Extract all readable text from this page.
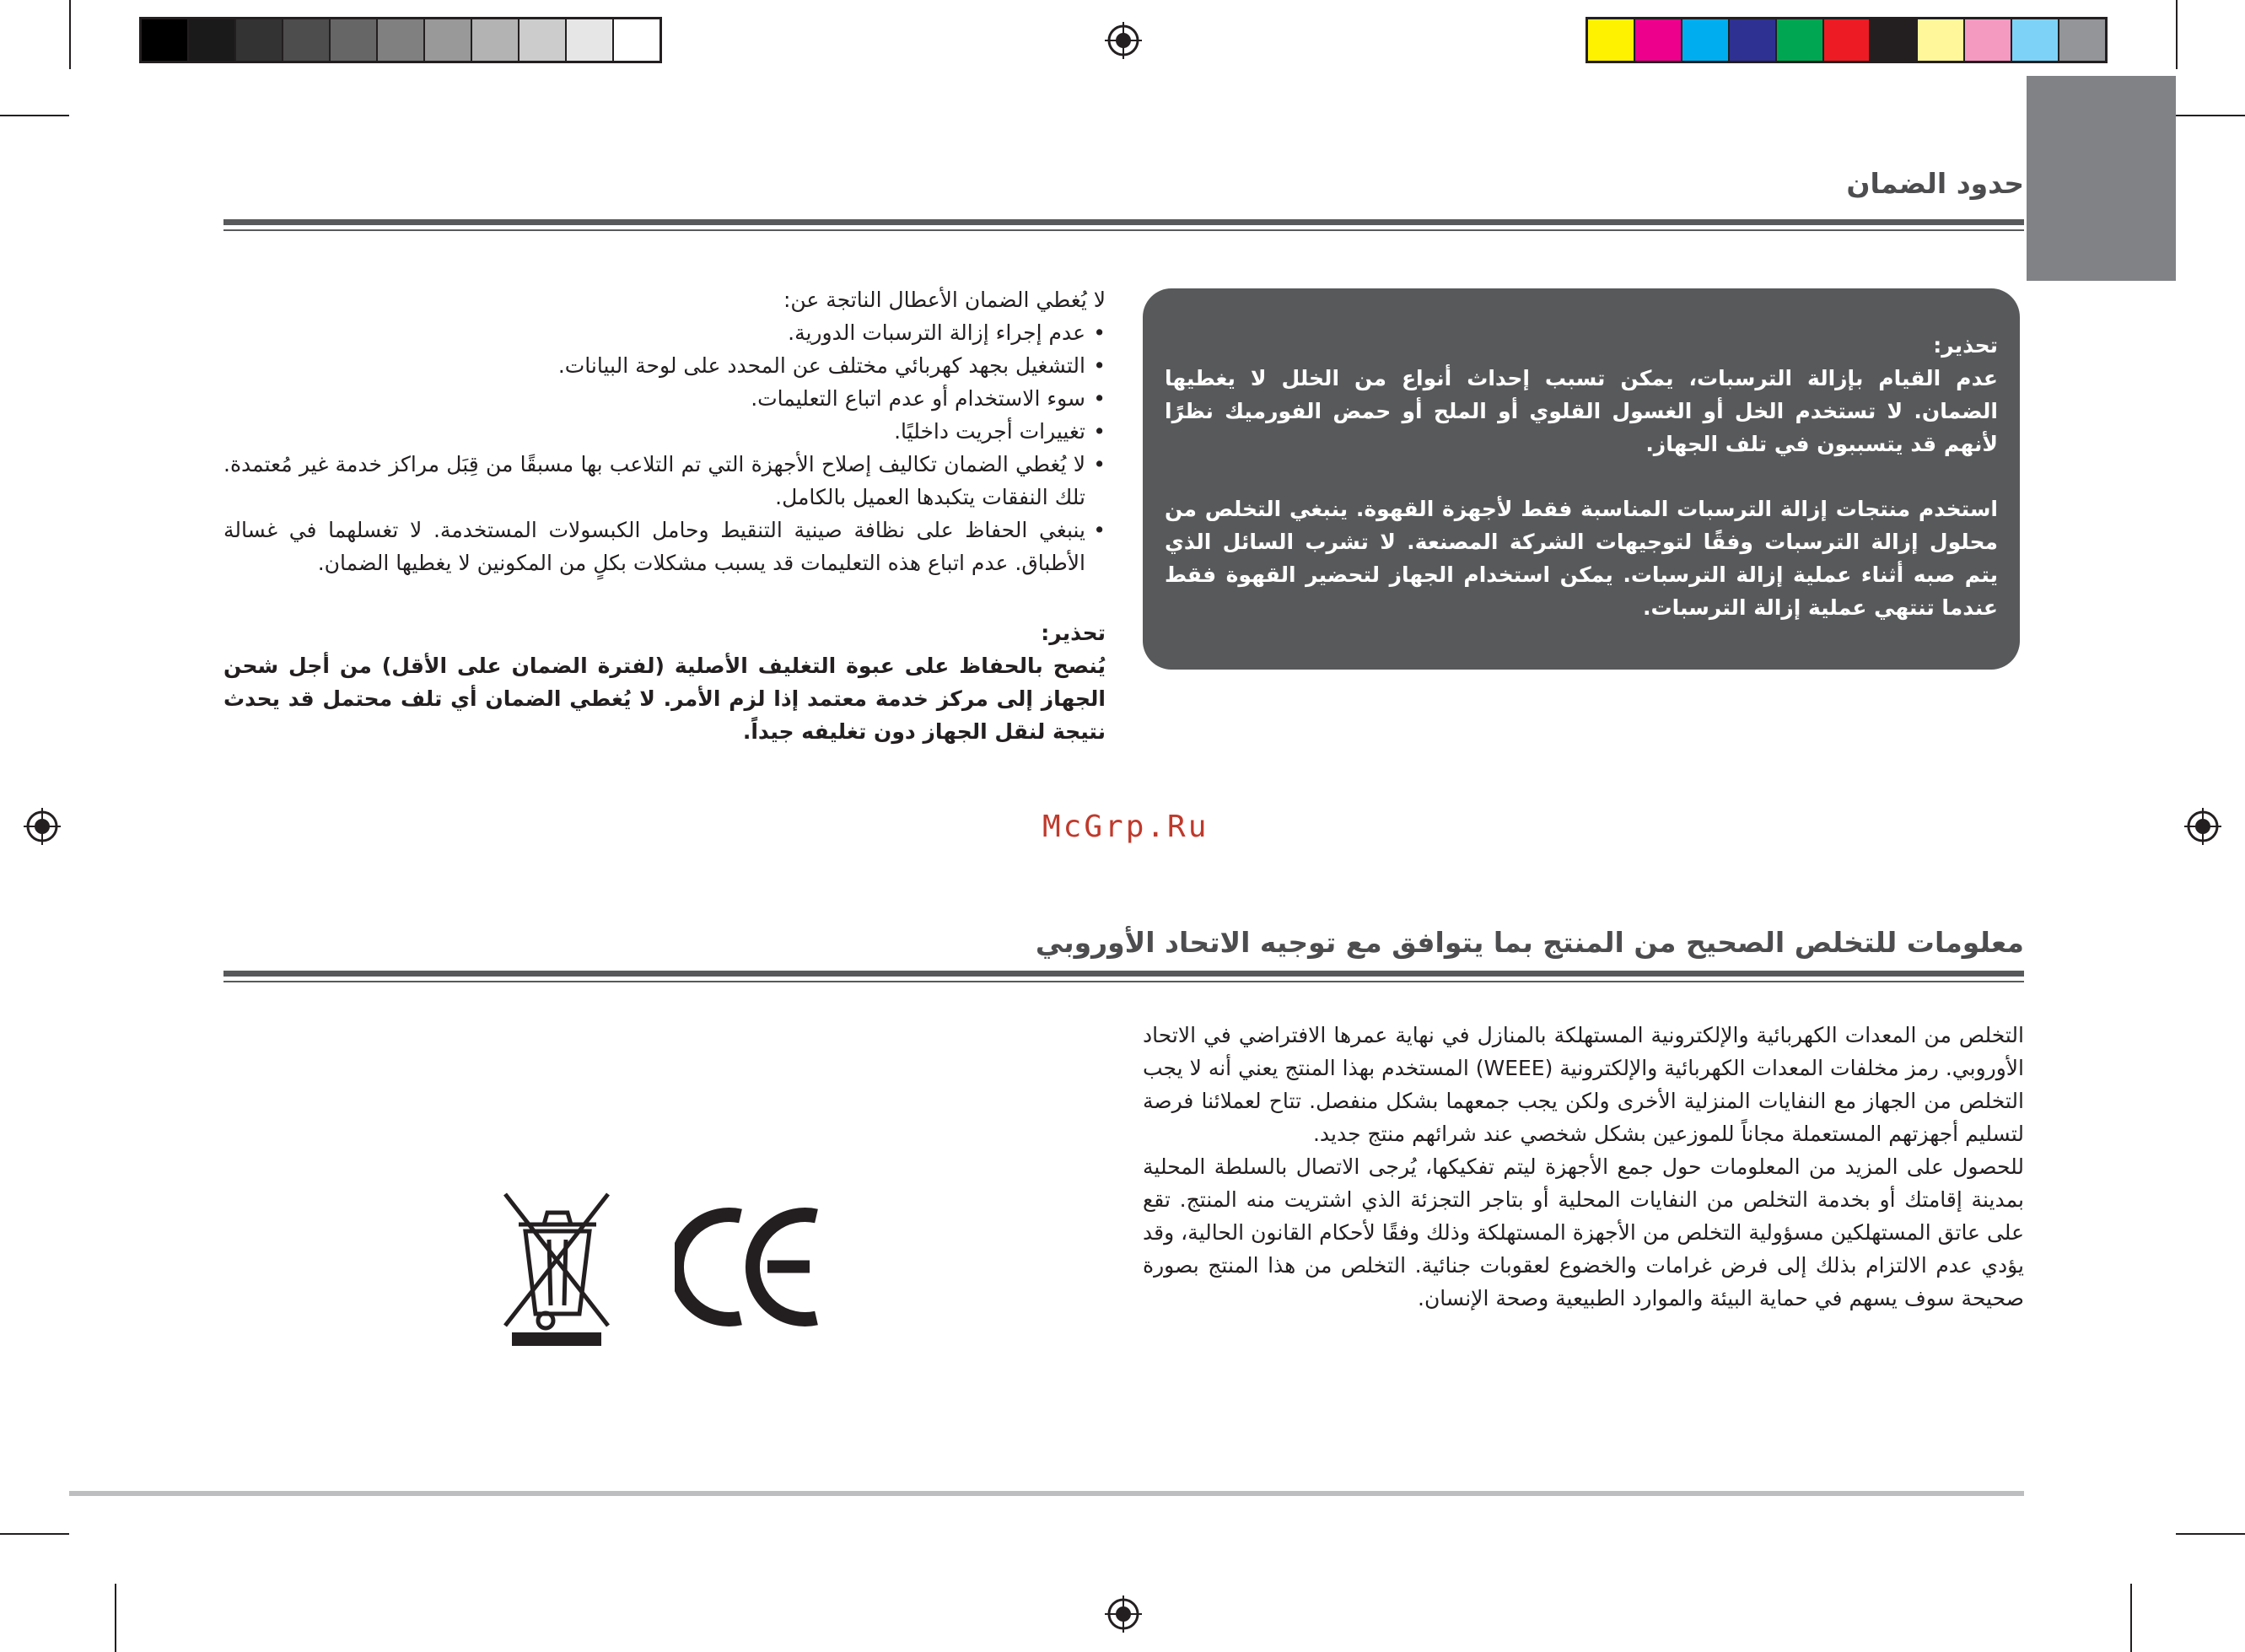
حدود الضمان

تحذير:

عدم القيام بإزالة الترسبات، يمكن تسبب إحداث أنواع من الخلل لا يغطيها الضمان. لا تستخدم الخل أو الغسول القلوي أو الملح أو حمض الفورميك نظرًا لأنهم قد يتسببون في تلف الجهاز.

استخدم منتجات إزالة الترسبات المناسبة فقط لأجهزة القهوة. ينبغي التخلص من محلول إزالة الترسبات وفقًا لتوجيهات الشركة المصنعة. لا تشرب السائل الذي يتم صبه أثناء عملية إزالة الترسبات. يمكن استخدام الجهاز لتحضير القهوة فقط عندما تنتهي عملية إزالة الترسبات.

لا يُغطي الضمان الأعطال الناتجة عن:

• عدم إجراء إزالة الترسبات الدورية.
• التشغيل بجهد كهربائي مختلف عن المحدد على لوحة البيانات.
• سوء الاستخدام أو عدم اتباع التعليمات.
• تغييرات أجريت داخليًا.
• لا يُغطي الضمان تكاليف إصلاح الأجهزة التي تم التلاعب بها مسبقًا من قِبَل مراكز خدمة غير مُعتمدة. تلك النفقات يتكبدها العميل بالكامل.
• ينبغي الحفاظ على نظافة صينية التنقيط وحامل الكبسولات المستخدمة. لا تغسلهما في غسالة الأطباق. عدم اتباع هذه التعليمات قد يسبب مشكلات بكلٍ من المكونين لا يغطيها الضمان.

تحذير:

يُنصح بالحفاظ على عبوة التغليف الأصلية (لفترة الضمان على الأقل) من أجل شحن الجهاز إلى مركز خدمة معتمد إذا لزم الأمر. لا يُغطي الضمان أي تلف محتمل قد يحدث نتيجة لنقل الجهاز دون تغليفه جيداً.

McGrp.Ru
معلومات للتخلص الصحيح من المنتج بما يتوافق مع توجيه الاتحاد الأوروبي

التخلص من المعدات الكهربائية والإلكترونية المستهلكة بالمنازل في نهاية عمرها الافتراضي في الاتحاد الأوروبي. رمز مخلفات المعدات الكهربائية والإلكترونية (WEEE) المستخدم بهذا المنتج يعني أنه لا يجب التخلص من الجهاز مع النفايات المنزلية الأخرى ولكن يجب جمعهما بشكل منفصل. تتاح لعملائنا فرصة لتسليم أجهزتهم المستعملة مجاناً للموزعين بشكل شخصي عند شرائهم منتج جديد.

للحصول على المزيد من المعلومات حول جمع الأجهزة ليتم تفكيكها، يُرجى الاتصال بالسلطة المحلية بمدينة إقامتك أو بخدمة التخلص من النفايات المحلية أو بتاجر التجزئة الذي اشتريت منه المنتج. تقع على عاتق المستهلكين مسؤولية التخلص من الأجهزة المستهلكة وذلك وفقًا لأحكام القانون الحالية، وقد يؤدي عدم الالتزام بذلك إلى فرض غرامات والخضوع لعقوبات جنائية. التخلص من هذا المنتج بصورة صحيحة سوف يسهم في حماية البيئة والموارد الطبيعية وصحة الإنسان.
